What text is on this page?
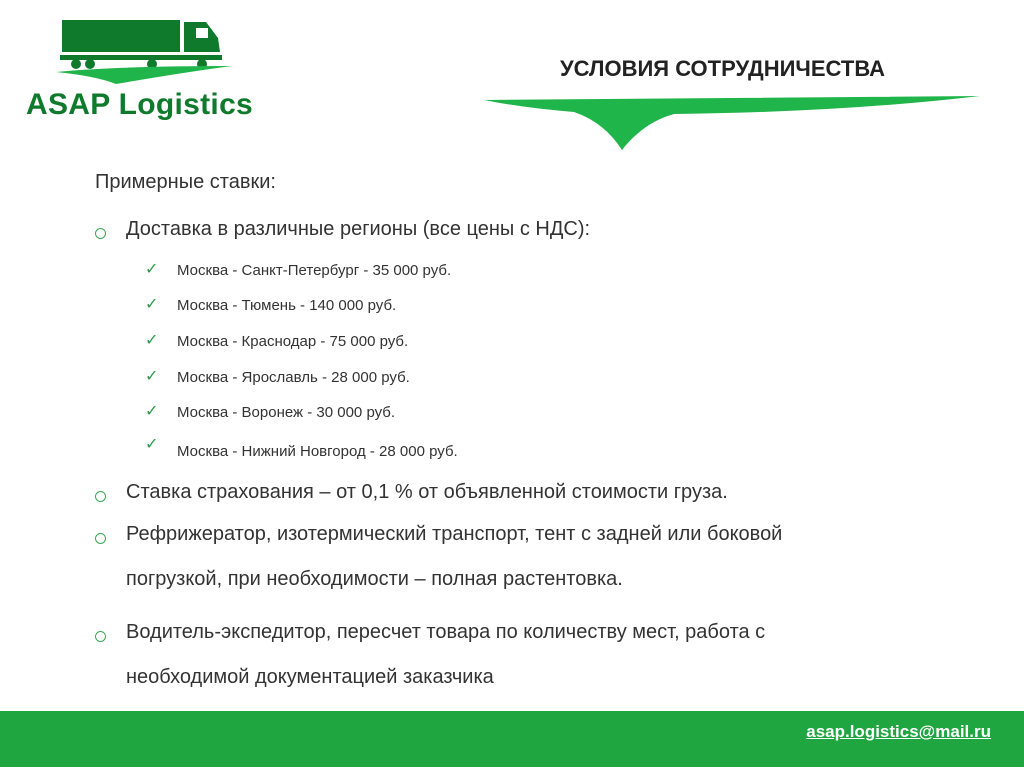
ASAP Logistics
УСЛОВИЯ СОТРУДНИЧЕСТВА
Примерные ставки:
Доставка в различные регионы (все цены с НДС):
✓ Москва - Санкт-Петербург - 35 000 руб.
✓ Москва - Тюмень - 140 000 руб.
✓ Москва - Краснодар - 75 000 руб.
✓ Москва - Ярославль - 28 000 руб.
✓ Москва - Воронеж - 30 000 руб.
✓ Москва - Нижний Новгород - 28 000 руб.
Ставка страхования – от 0,1 % от объявленной стоимости груза.
Рефрижератор, изотермический транспорт, тент с задней или боковой
погрузкой, при необходимости – полная растентовка.
Водитель-экспедитор, пересчет товара по количеству мест, работа с
необходимой документацией заказчика
asap.logistics@mail.ru
